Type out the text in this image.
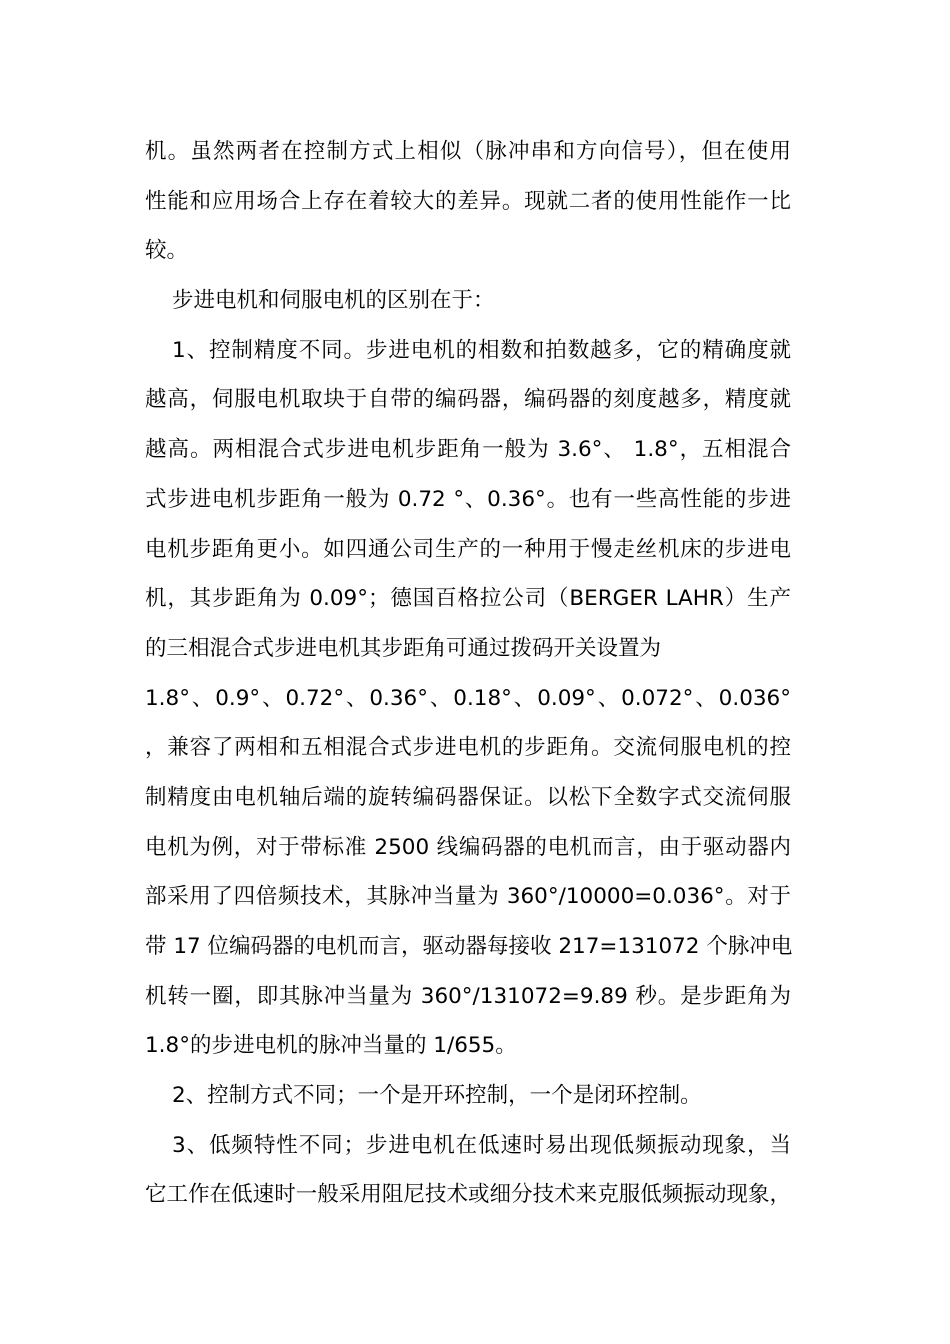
机。虽然两者在控制方式上相似（脉冲串和方向信号），但在使用
性能和应用场合上存在着较大的差异。现就二者的使用性能作一比
较。
步进电机和伺服电机的区别在于：
1、控制精度不同。步进电机的相数和拍数越多，它的精确度就
越高，伺服电机取块于自带的编码器，编码器的刻度越多，精度就
越高。两相混合式步进电机步距角一般为 3.6°、 1.8°，五相混合
式步进电机步距角一般为 0.72 °、0.36°。也有一些高性能的步进
电机步距角更小。如四通公司生产的一种用于慢走丝机床的步进电
机，其步距角为 0.09°；德国百格拉公司（BERGER LAHR）生产
的三相混合式步进电机其步距角可通过拨码开关设置为
1.8°、0.9°、0.72°、0.36°、0.18°、0.09°、0.072°、0.036°
，兼容了两相和五相混合式步进电机的步距角。交流伺服电机的控
制精度由电机轴后端的旋转编码器保证。以松下全数字式交流伺服
电机为例，对于带标准 2500 线编码器的电机而言，由于驱动器内
部采用了四倍频技术，其脉冲当量为 360°/10000=0.036°。对于
带 17 位编码器的电机而言，驱动器每接收 217=131072 个脉冲电
机转一圈，即其脉冲当量为 360°/131072=9.89 秒。是步距角为
1.8°的步进电机的脉冲当量的 1/655。
2、控制方式不同；一个是开环控制，一个是闭环控制。
3、低频特性不同；步进电机在低速时易出现低频振动现象，当
它工作在低速时一般采用阻尼技术或细分技术来克服低频振动现象，
